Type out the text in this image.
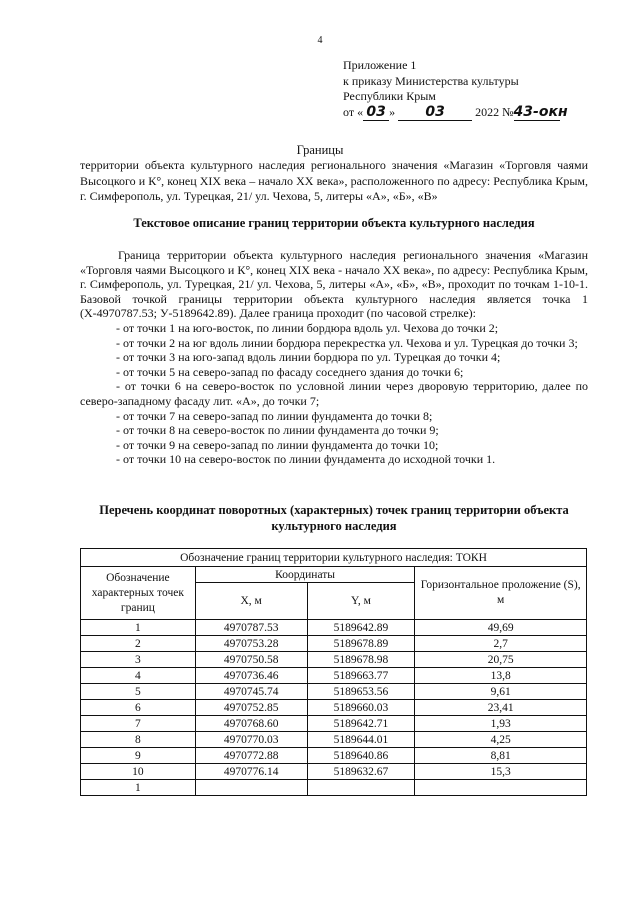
4
Приложение 1
к приказу Министерства культуры
Республики Крым
от « 03 » 03	2022 №43-окн
Границы
территории объекта культурного наследия регионального значения «Магазин «Торговля чаями Высоцкого и К°, конец XIX века – начало XX века», расположенного по адресу: Республика Крым, г. Симферополь, ул. Турецкая, 21/ ул. Чехова, 5, литеры «А», «Б», «В»
Текстовое описание границ территории объекта культурного наследия

Граница территории объекта культурного наследия регионального значения «Магазин «Торговля чаями Высоцкого и К°, конец XIX века - начало XX века», по адресу: Республика Крым, г. Симферополь, ул. Турецкая, 21/ ул. Чехова, 5, литеры «А», «Б», «В», проходит по точкам 1-10-1. Базовой точкой границы территории объекта культурного наследия является точка 1 (Х-4970787.53; У-5189642.89). Далее граница проходит (по часовой стрелке):

- от точки 1 на юго-восток, по линии бордюра вдоль ул. Чехова до точки 2;

- от точки 2 на юг вдоль линии бордюра перекрестка ул. Чехова и ул. Турецкая до точки 3;

- от точки 3 на юго-запад вдоль линии бордюра по ул. Турецкая до точки 4;

- от точки 5 на северо-запад по фасаду соседнего здания до точки 6;

- от точки 6 на северо-восток по условной линии через дворовую территорию, далее по северо-западному фасаду лит. «А», до точки 7;

- от точки 7 на северо-запад по линии фундамента до точки 8;

- от точки 8 на северо-восток по линии фундамента до точки 9;

- от точки 9 на северо-запад по линии фундамента до точки 10;

- от точки 10 на северо-восток по линии фундамента до исходной точки 1.

Перечень координат поворотных (характерных) точек границ территории объекта
культурного наследия
Обозначение границ территории культурного наследия: ТОКН			
Обозначение характерных точек границ	Координаты		Горизонтальное проложение (S), м
	Х, м	Y, м	
1	4970787.53	5189642.89	49,69
2	4970753.28	5189678.89	2,7
3	4970750.58	5189678.98	20,75
4	4970736.46	5189663.77	13,8
5	4970745.74	5189653.56	9,61
6	4970752.85	5189660.03	23,41
7	4970768.60	5189642.71	1,93
8	4970770.03	5189644.01	4,25
9	4970772.88	5189640.86	8,81
10	4970776.14	5189632.67	15,3
1			
